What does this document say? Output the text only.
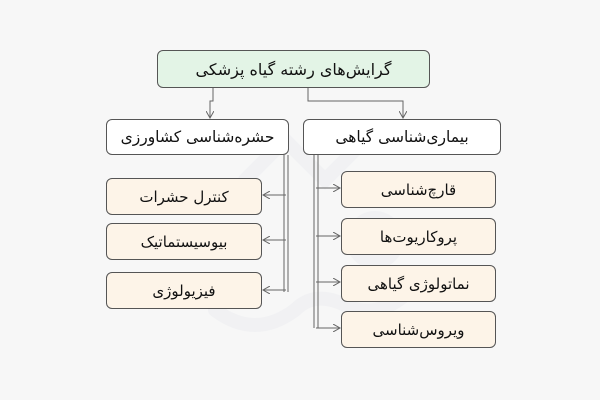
گرایش‌های رشته گیاه پزشکی
حشره‌شناسی کشاورزی	بیماری‌شناسی گیاهی
کنترل حشرات
بیوسیستماتیک
فیزیولوژی
قارچ‌شناسی
پروکاریوت‌ها
نماتولوژی گیاهی
ویروس‌شناسی
